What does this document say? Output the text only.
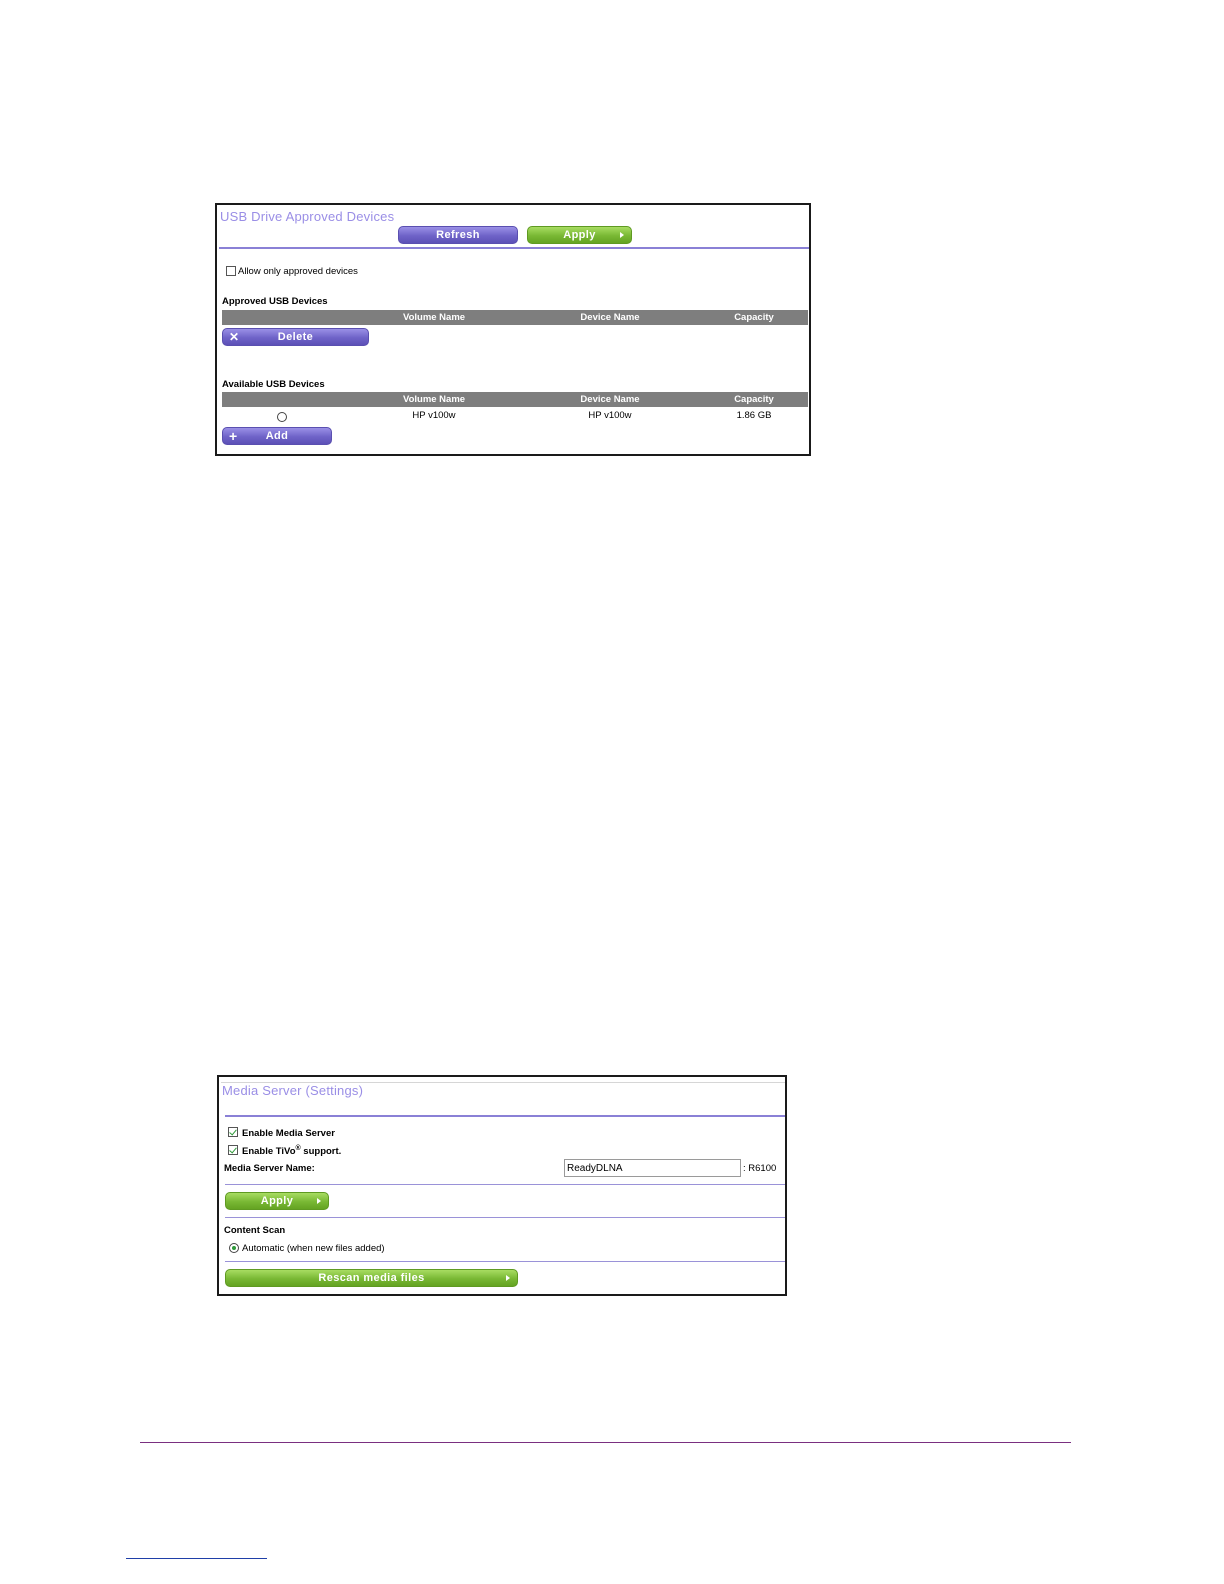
USB Drive Approved Devices
Refresh	Apply
Allow only approved devices
Approved USB Devices
Volume Name	Device Name	Capacity
✕	Delete
Available USB Devices
Volume Name	Device Name	Capacity
HP v100w	HP v100w	1.86 GB
+	Add
Media Server (Settings)
Enable Media Server
Enable TiVo® support.
Media Server Name:
ReadyDLNA	: R6100
Apply
Content Scan
Automatic (when new files added)
Rescan media files
